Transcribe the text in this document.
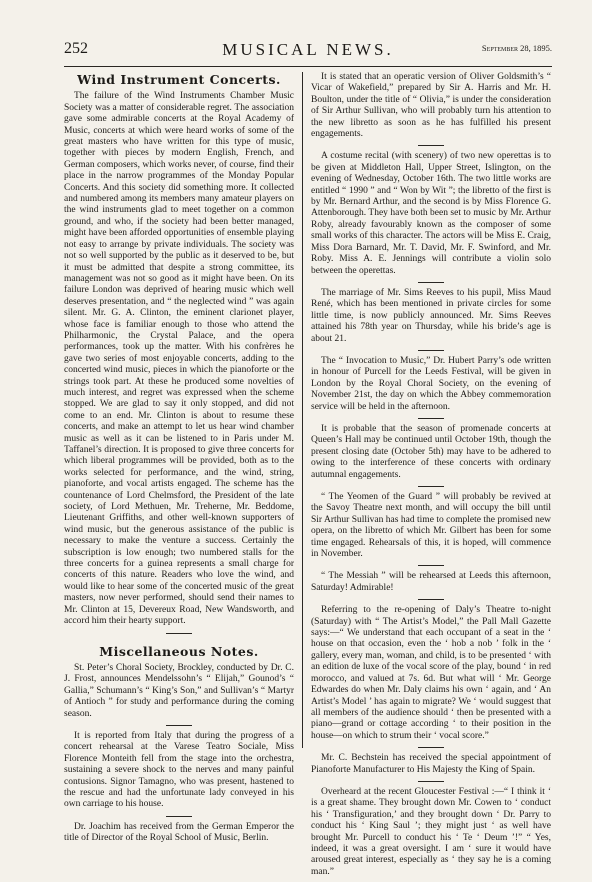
252	MUSICAL NEWS.	September 28, 1895.
Wind Instrument Concerts.

The failure of the Wind Instruments Chamber Music Society was a matter of considerable regret. The association gave some admirable concerts at the Royal Academy of Music, concerts at which were heard works of some of the great masters who have written for this type of music, together with pieces by modern English, French, and German composers, which works never, of course, find their place in the narrow programmes of the Monday Popular Concerts. And this society did something more. It collected and numbered among its members many amateur players on the wind instruments glad to meet together on a common ground, and who, if the society had been better managed, might have been afforded opportunities of ensemble playing not easy to arrange by private individuals. The society was not so well supported by the public as it deserved to be, but it must be admitted that despite a strong committee, its management was not so good as it might have been. On its failure London was deprived of hearing music which well deserves presentation, and “ the neglected wind ” was again silent. Mr. G. A. Clinton, the eminent clarionet player, whose face is familiar enough to those who attend the Philharmonic, the Crystal Palace, and the opera performances, took up the matter. With his confrères he gave two series of most enjoyable concerts, adding to the concerted wind music, pieces in which the pianoforte or the strings took part. At these he produced some novelties of much interest, and regret was expressed when the scheme stopped. We are glad to say it only stopped, and did not come to an end. Mr. Clinton is about to resume these concerts, and make an attempt to let us hear wind chamber music as well as it can be listened to in Paris under M. Taffanel’s direction. It is proposed to give three concerts for which liberal programmes will be provided, both as to the works selected for performance, and the wind, string, pianoforte, and vocal artists engaged. The scheme has the countenance of Lord Chelmsford, the President of the late society, of Lord Methuen, Mr. Treherne, Mr. Beddome, Lieutenant Griffiths, and other well-known supporters of wind music, but the generous assistance of the public is necessary to make the venture a success. Certainly the subscription is low enough; two numbered stalls for the three concerts for a guinea represents a small charge for concerts of this nature. Readers who love the wind, and would like to hear some of the concerted music of the great masters, now never performed, should send their names to Mr. Clinton at 15, Devereux Road, New Wandsworth, and accord him their hearty support.

Miscellaneous Notes.

St. Peter’s Choral Society, Brockley, conducted by Dr. C. J. Frost, announces Mendelssohn’s “ Elijah,” Gounod’s “ Gallia,” Schumann’s “ King’s Son,” and Sullivan’s “ Martyr of Antioch ” for study and performance during the coming season.

It is reported from Italy that during the progress of a concert rehearsal at the Varese Teatro Sociale, Miss Florence Monteith fell from the stage into the orchestra, sustaining a severe shock to the nerves and many painful contusions. Signor Tamagno, who was present, hastened to the rescue and had the unfortunate lady conveyed in his own carriage to his house.

Dr. Joachim has received from the German Emperor the title of Director of the Royal School of Music, Berlin.

It is stated that an operatic version of Oliver Goldsmith’s “ Vicar of Wakefield,” prepared by Sir A. Harris and Mr. H. Boulton, under the title of “ Olivia,” is under the consideration of Sir Arthur Sullivan, who will probably turn his attention to the new libretto as soon as he has fulfilled his present engagements.

A costume recital (with scenery) of two new operettas is to be given at Middleton Hall, Upper Street, Islington, on the evening of Wednesday, October 16th. The two little works are entitled “ 1990 ” and “ Won by Wit ”; the libretto of the first is by Mr. Bernard Arthur, and the second is by Miss Florence G. Attenborough. They have both been set to music by Mr. Arthur Roby, already favourably known as the composer of some small works of this character. The actors will be Miss E. Craig, Miss Dora Barnard, Mr. T. David, Mr. F. Swinford, and Mr. Roby. Miss A. E. Jennings will contribute a violin solo between the operettas.

The marriage of Mr. Sims Reeves to his pupil, Miss Maud René, which has been mentioned in private circles for some little time, is now publicly announced. Mr. Sims Reeves attained his 78th year on Thursday, while his bride’s age is about 21.

The “ Invocation to Music,” Dr. Hubert Parry’s ode written in honour of Purcell for the Leeds Festival, will be given in London by the Royal Choral Society, on the evening of November 21st, the day on which the Abbey commemoration service will be held in the afternoon.

It is probable that the season of promenade concerts at Queen’s Hall may be continued until October 19th, though the present closing date (October 5th) may have to be adhered to owing to the interference of these concerts with ordinary autumnal engagements.

“ The Yeomen of the Guard ” will probably be revived at the Savoy Theatre next month, and will occupy the bill until Sir Arthur Sullivan has had time to complete the promised new opera, on the libretto of which Mr. Gilbert has been for some time engaged. Rehearsals of this, it is hoped, will commence in November.

“ The Messiah ” will be rehearsed at Leeds this afternoon, Saturday! Admirable!

Referring to the re-opening of Daly’s Theatre to-night (Saturday) with “ The Artist’s Model,” the Pall Mall Gazette says:—“ We understand that each occupant of a seat in the ‘ house on that occasion, even the ‘ hob a nob ’ folk in the ‘ gallery, every man, woman, and child, is to be presented ‘ with an edition de luxe of the vocal score of the play, bound ‘ in red morocco, and valued at 7s. 6d. But what will ‘ Mr. George Edwardes do when Mr. Daly claims his own ‘ again, and ‘ An Artist’s Model ’ has again to migrate? We ‘ would suggest that all members of the audience should ‘ then be presented with a piano—grand or cottage according ‘ to their position in the house—on which to strum their ‘ vocal score.”

Mr. C. Bechstein has received the special appointment of Pianoforte Manufacturer to His Majesty the King of Spain.

Overheard at the recent Gloucester Festival :—“ I think it ‘ is a great shame. They brought down Mr. Cowen to ‘ conduct his ‘ Transfiguration,’ and they brought down ‘ Dr. Parry to conduct his ‘ King Saul ’; they might just ‘ as well have brought Mr. Purcell to conduct his ‘ Te ‘ Deum ’!” “ Yes, indeed, it was a great oversight. I am ‘ sure it would have aroused great interest, especially as ‘ they say he is a coming man.”
